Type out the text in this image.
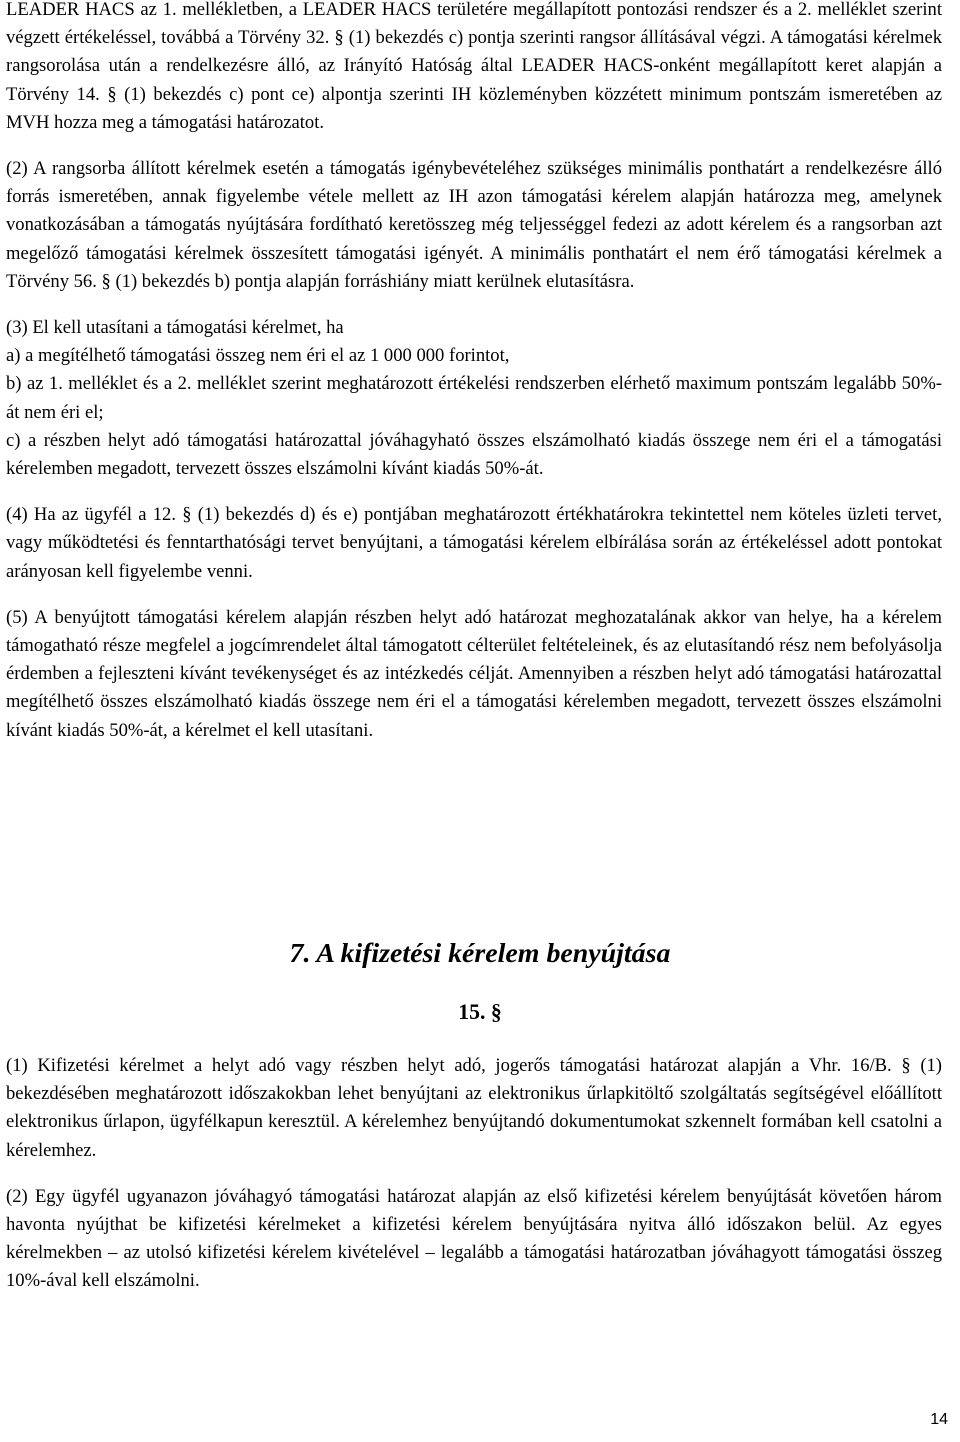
LEADER HACS az 1. mellékletben, a LEADER HACS területére megállapított pontozási rendszer és a 2. melléklet szerint végzett értékeléssel, továbbá a Törvény 32. § (1) bekezdés c) pontja szerinti rangsor állításával végzi. A támogatási kérelmek rangsorolása után a rendelkezésre álló, az Irányító Hatóság által LEADER HACS-onként megállapított keret alapján a Törvény 14. § (1) bekezdés c) pont ce) alpontja szerinti IH közleményben közzétett minimum pontszám ismeretében az MVH hozza meg a támogatási határozatot.

(2) A rangsorba állított kérelmek esetén a támogatás igénybevételéhez szükséges minimális ponthatárt a rendelkezésre álló forrás ismeretében, annak figyelembe vétele mellett az IH azon támogatási kérelem alapján határozza meg, amelynek vonatkozásában a támogatás nyújtására fordítható keretösszeg még teljességgel fedezi az adott kérelem és a rangsorban azt megelőző támogatási kérelmek összesített támogatási igényét. A minimális ponthatárt el nem érő támogatási kérelmek a Törvény 56. § (1) bekezdés b) pontja alapján forráshiány miatt kerülnek elutasításra.

(3) El kell utasítani a támogatási kérelmet, ha
a) a megítélhető támogatási összeg nem éri el az 1 000 000 forintot,
b) az 1. melléklet és a 2. melléklet szerint meghatározott értékelési rendszerben elérhető maximum pontszám legalább 50%-át nem éri el;
c) a részben helyt adó támogatási határozattal jóváhagyható összes elszámolható kiadás összege nem éri el a támogatási kérelemben megadott, tervezett összes elszámolni kívánt kiadás 50%-át.

(4) Ha az ügyfél a 12. § (1) bekezdés d) és e) pontjában meghatározott értékhatárokra tekintettel nem köteles üzleti tervet, vagy működtetési és fenntarthatósági tervet benyújtani, a támogatási kérelem elbírálása során az értékeléssel adott pontokat arányosan kell figyelembe venni.

(5) A benyújtott támogatási kérelem alapján részben helyt adó határozat meghozatalának akkor van helye, ha a kérelem támogatható része megfelel a jogcímrendelet által támogatott célterület feltételeinek, és az elutasítandó rész nem befolyásolja érdemben a fejleszteni kívánt tevékenységet és az intézkedés célját. Amennyiben a részben helyt adó támogatási határozattal megítélhető összes elszámolható kiadás összege nem éri el a támogatási kérelemben megadott, tervezett összes elszámolni kívánt kiadás 50%-át, a kérelmet el kell utasítani.

7. A kifizetési kérelem benyújtása
15. §

(1) Kifizetési kérelmet a helyt adó vagy részben helyt adó, jogerős támogatási határozat alapján a Vhr. 16/B. § (1) bekezdésében meghatározott időszakokban lehet benyújtani az elektronikus űrlapkitöltő szolgáltatás segítségével előállított elektronikus űrlapon, ügyfélkapun keresztül. A kérelemhez benyújtandó dokumentumokat szkennelt formában kell csatolni a kérelemhez.

(2) Egy ügyfél ugyanazon jóváhagyó támogatási határozat alapján az első kifizetési kérelem benyújtását követően három havonta nyújthat be kifizetési kérelmeket a kifizetési kérelem benyújtására nyitva álló időszakon belül. Az egyes kérelmekben – az utolsó kifizetési kérelem kivételével – legalább a támogatási határozatban jóváhagyott támogatási összeg 10%-ával kell elszámolni.

14
